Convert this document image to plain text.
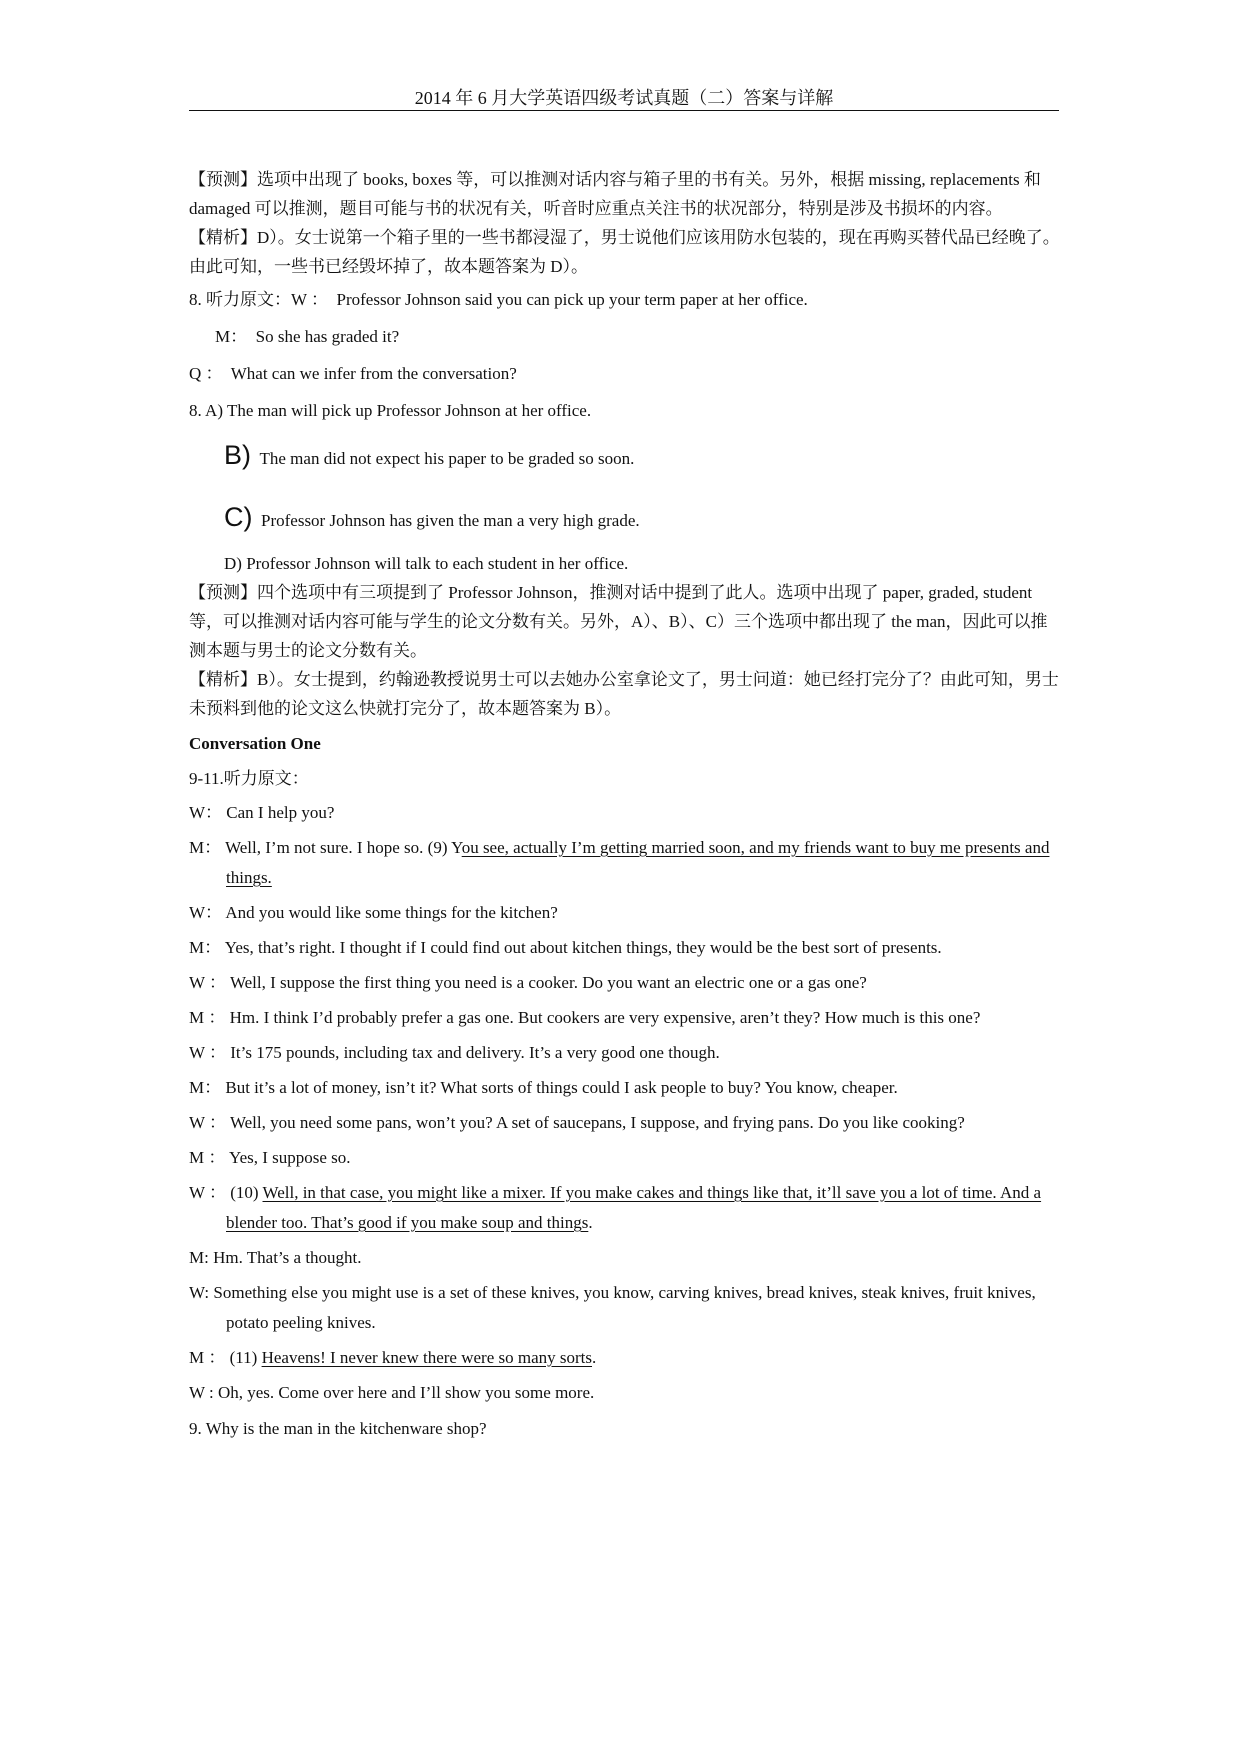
2014 年 6 月大学英语四级考试真题（二）答案与详解

【预测】选项中出现了 books, boxes 等，可以推测对话内容与箱子里的书有关。另外，根据 missing, replacements 和 damaged 可以推测，题目可能与书的状况有关，听音时应重点关注书的状况部分，特别是涉及书损坏的内容。

【精析】D）。女士说第一个箱子里的一些书都浸湿了，男士说他们应该用防水包装的，现在再购买替代品已经晚了。由此可知，一些书已经毁坏掉了，故本题答案为 D）。

8. 听力原文：W ： Professor Johnson said you can pick up your term paper at her office.

M： So she has graded it?

Q ： What can we infer from the conversation?

8. A) The man will pick up Professor Johnson at her office.

B) The man did not expect his paper to be graded so soon.

C) Professor Johnson has given the man a very high grade.

D) Professor Johnson will talk to each student in her office.

【预测】四个选项中有三项提到了 Professor Johnson，推测对话中提到了此人。选项中出现了 paper, graded, student 等，可以推测对话内容可能与学生的论文分数有关。另外，A）、B）、C）三个选项中都出现了 the man，因此可以推测本题与男士的论文分数有关。

【精析】B）。女士提到，约翰逊教授说男士可以去她办公室拿论文了，男士问道：她已经打完分了？由此可知，男士未预料到他的论文这么快就打完分了，故本题答案为 B）。

Conversation One

9-11.听力原文：

W： Can I help you?

M： Well, I’m not sure. I hope so. (9) You see, actually I’m getting married soon, and my friends want to buy me presents and things.

W： And you would like some things for the kitchen?

M： Yes, that’s right. I thought if I could find out about kitchen things, they would be the best sort of presents.

W ： Well, I suppose the first thing you need is a cooker. Do you want an electric one or a gas one?

M ： Hm. I think I’d probably prefer a gas one. But cookers are very expensive, aren’t they? How much is this one?

W ： It’s 175 pounds, including tax and delivery. It’s a very good one though.

M： But it’s a lot of money, isn’t it? What sorts of things could I ask people to buy? You know, cheaper.

W ： Well, you need some pans, won’t you? A set of saucepans, I suppose, and frying pans. Do you like cooking?

M ： Yes, I suppose so.

W ： (10) Well, in that case, you might like a mixer. If you make cakes and things like that, it’ll save you a lot of time. And a blender too. That’s good if you make soup and things.

M: Hm. That’s a thought.

W: Something else you might use is a set of these knives, you know, carving knives, bread knives, steak knives, fruit knives, potato peeling knives.

M ： (11) Heavens! I never knew there were so many sorts.

W : Oh, yes. Come over here and I’ll show you some more.

9. Why is the man in the kitchenware shop?
